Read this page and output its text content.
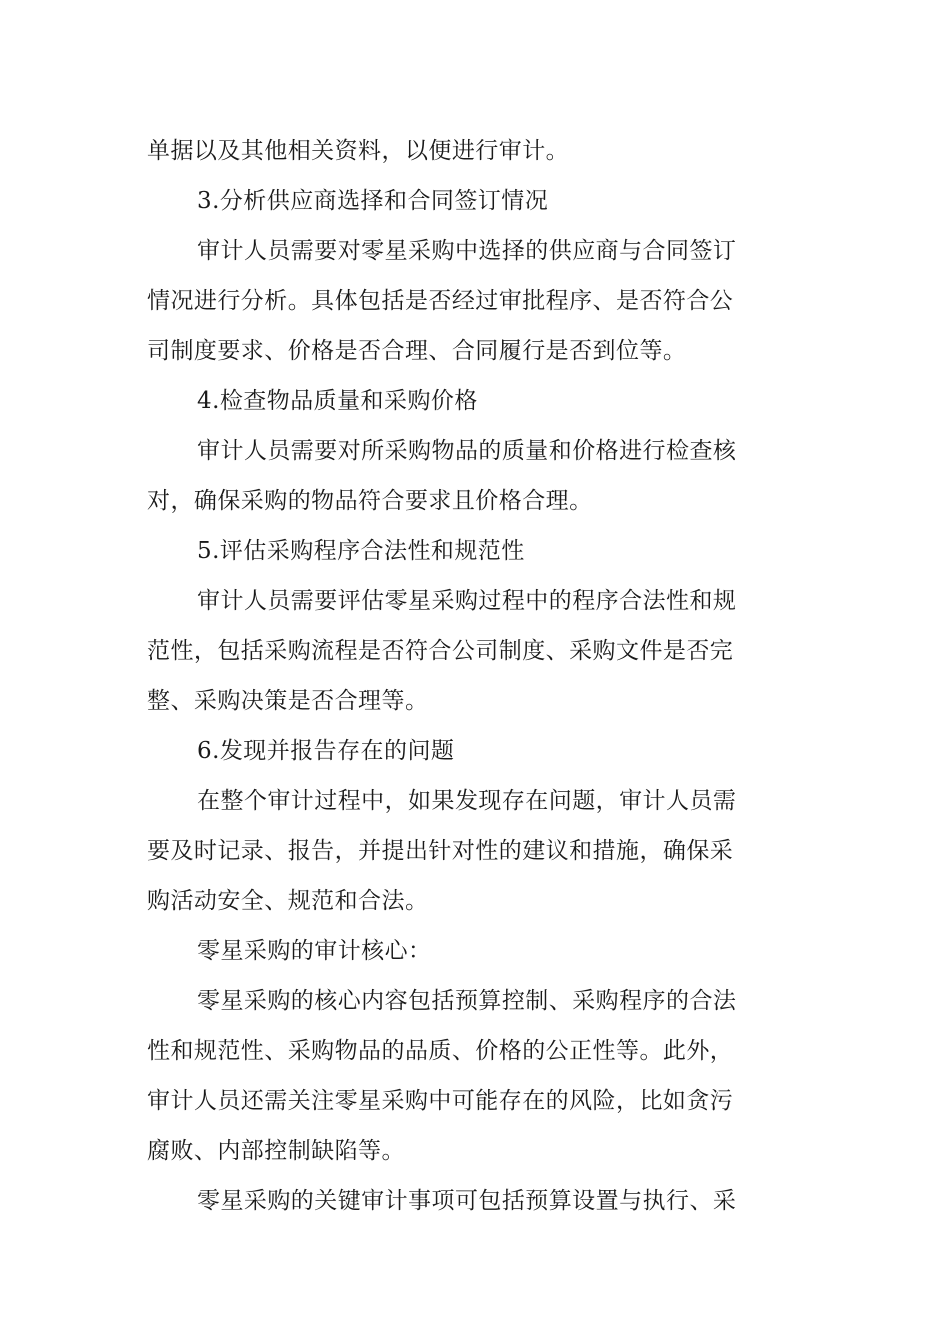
单据以及其他相关资料，以便进行审计。
3.分析供应商选择和合同签订情况
审计人员需要对零星采购中选择的供应商与合同签订
情况进行分析。具体包括是否经过审批程序、是否符合公
司制度要求、价格是否合理、合同履行是否到位等。
4.检查物品质量和采购价格
审计人员需要对所采购物品的质量和价格进行检查核
对，确保采购的物品符合要求且价格合理。
5.评估采购程序合法性和规范性
审计人员需要评估零星采购过程中的程序合法性和规
范性，包括采购流程是否符合公司制度、采购文件是否完
整、采购决策是否合理等。
6.发现并报告存在的问题
在整个审计过程中，如果发现存在问题，审计人员需
要及时记录、报告，并提出针对性的建议和措施，确保采
购活动安全、规范和合法。
零星采购的审计核心：
零星采购的核心内容包括预算控制、采购程序的合法
性和规范性、采购物品的品质、价格的公正性等。此外，
审计人员还需关注零星采购中可能存在的风险，比如贪污
腐败、内部控制缺陷等。
零星采购的关键审计事项可包括预算设置与执行、采
